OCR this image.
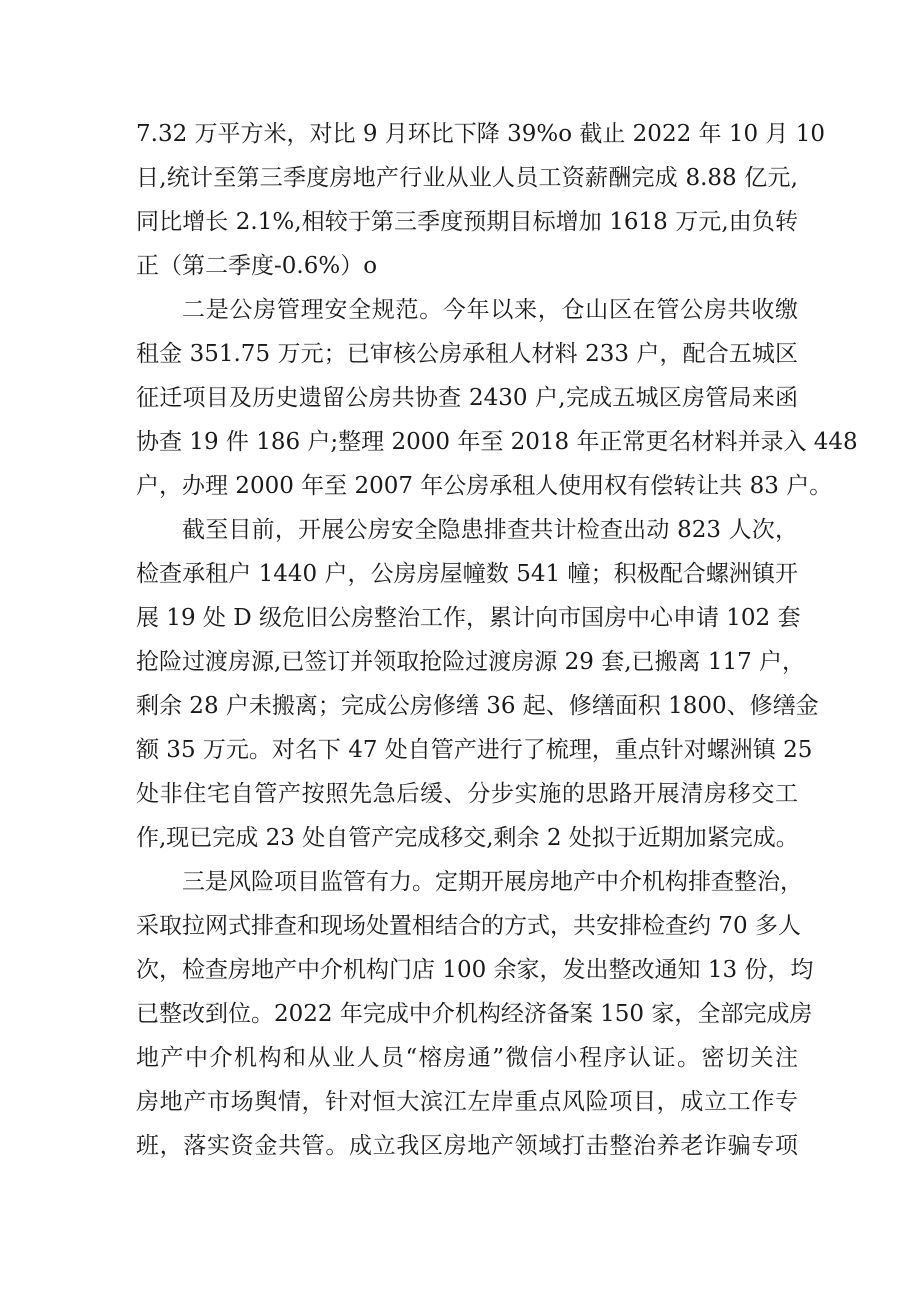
7.32 万平方米，对比 9 月环比下降 39%o 截止 2022 年 10 月 10
日,统计至第三季度房地产行业从业人员工资薪酬完成 8.88 亿元,
同比增长 2.1%,相较于第三季度预期目标增加 1618 万元,由负转
正（第二季度-0.6%）o
二是公房管理安全规范。今年以来，仓山区在管公房共收缴
租金 351.75 万元；已审核公房承租人材料 233 户，配合五城区
征迁项目及历史遗留公房共协查 2430 户,完成五城区房管局来函
协查 19 件 186 户;整理 2000 年至 2018 年正常更名材料并录入 448
户，办理 2000 年至 2007 年公房承租人使用权有偿转让共 83 户。
截至目前，开展公房安全隐患排查共计检查出动 823 人次，
检查承租户 1440 户，公房房屋幢数 541 幢；积极配合螺洲镇开
展 19 处 D 级危旧公房整治工作，累计向市国房中心申请 102 套
抢险过渡房源,已签订并领取抢险过渡房源 29 套,已搬离 117 户，
剩余 28 户未搬离；完成公房修缮 36 起、修缮面积 1800、修缮金
额 35 万元。对名下 47 处自管产进行了梳理，重点针对螺洲镇 25
处非住宅自管产按照先急后缓、分步实施的思路开展清房移交工
作,现已完成 23 处自管产完成移交,剩余 2 处拟于近期加紧完成。
三是风险项目监管有力。定期开展房地产中介机构排查整治，
采取拉网式排查和现场处置相结合的方式，共安排检查约 70 多人
次，检查房地产中介机构门店 100 余家，发出整改通知 13 份，均
已整改到位。2022 年完成中介机构经济备案 150 家，全部完成房
地产中介机构和从业人员“榕房通”微信小程序认证。密切关注
房地产市场舆情，针对恒大滨江左岸重点风险项目，成立工作专
班，落实资金共管。成立我区房地产领域打击整治养老诈骗专项
